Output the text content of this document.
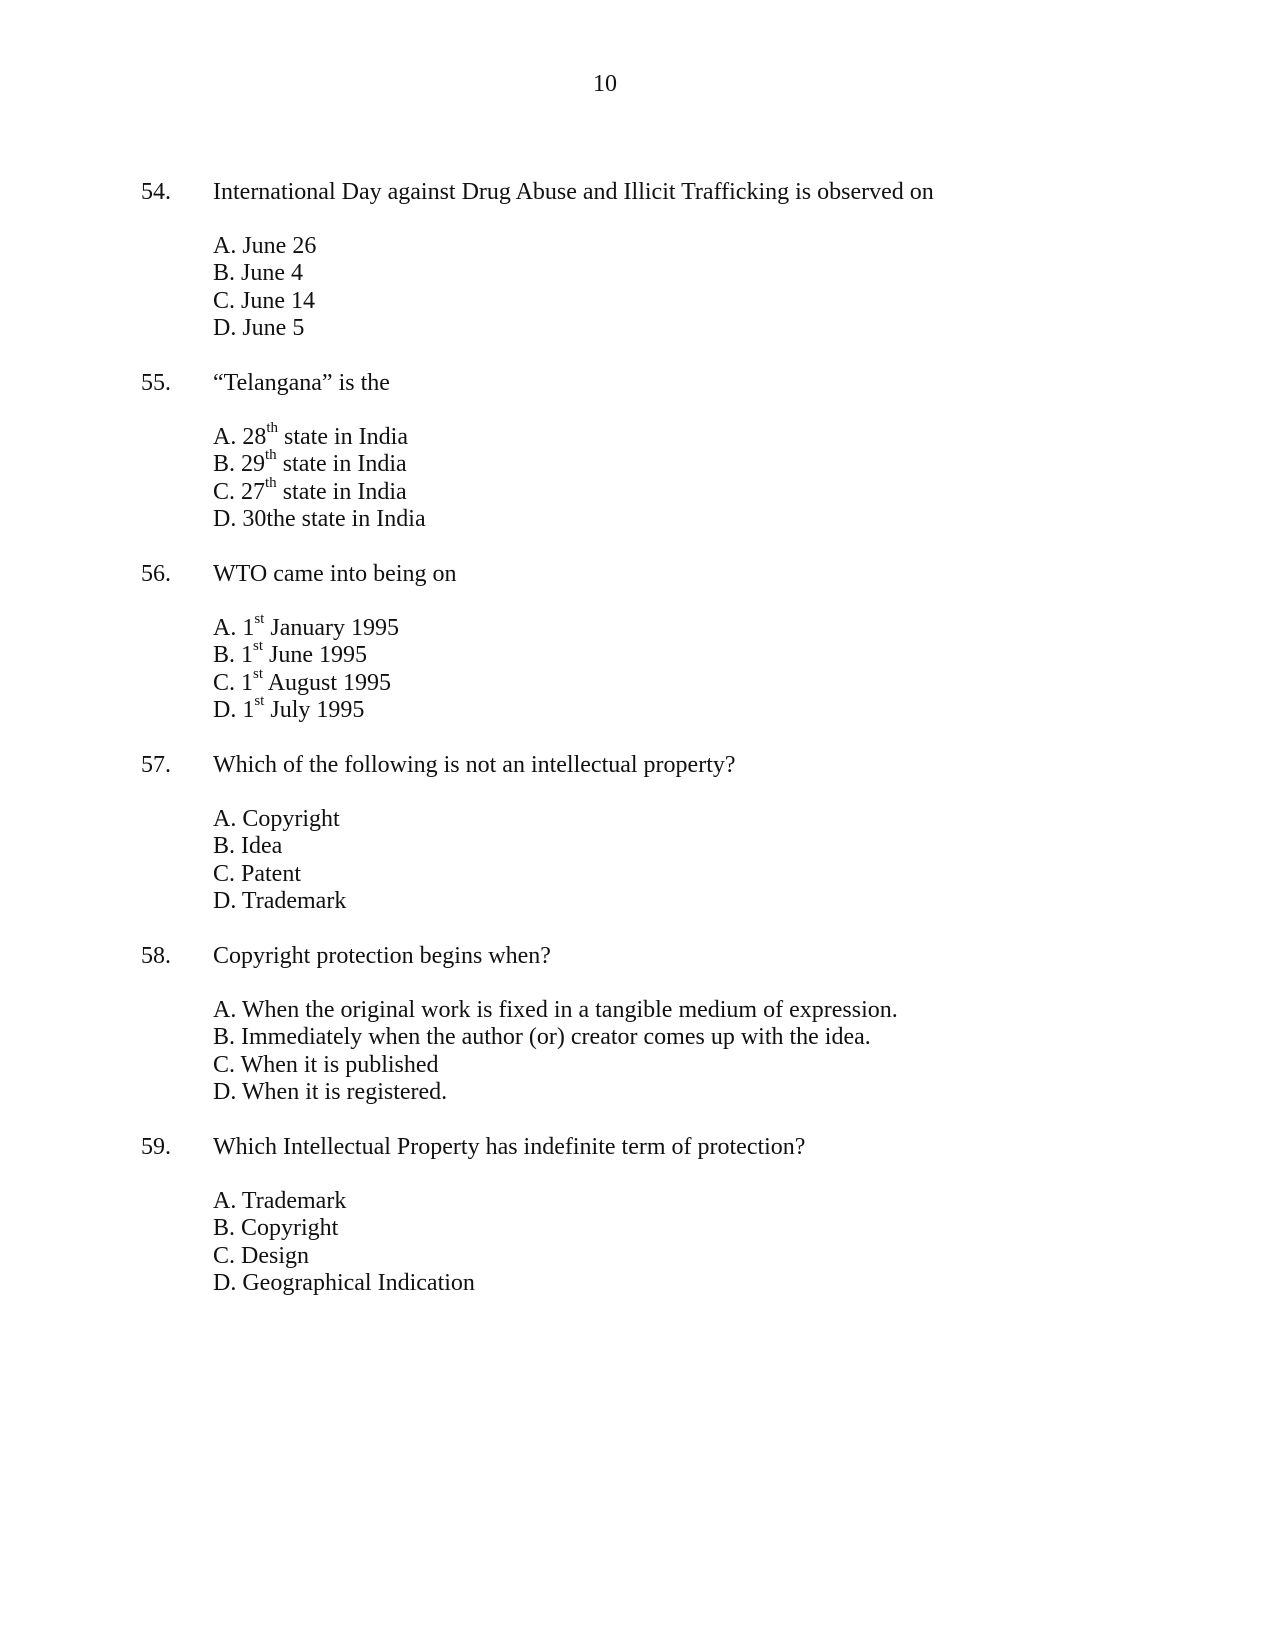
10
54. International Day against Drug Abuse and Illicit Trafficking is observed on
A. June 26
B. June 4
C. June 14
D. June 5
55. “Telangana” is the
A. 28th state in India
B. 29th state in India
C. 27th state in India
D. 30the state in India
56. WTO came into being on
A. 1st January 1995
B. 1st June 1995
C. 1st August 1995
D. 1st July 1995
57. Which of the following is not an intellectual property?
A. Copyright
B. Idea
C. Patent
D. Trademark
58. Copyright protection begins when?
A. When the original work is fixed in a tangible medium of expression.
B. Immediately when the author (or) creator comes up with the idea.
C. When it is published
D. When it is registered.
59. Which Intellectual Property has indefinite term of protection?
A. Trademark
B. Copyright
C. Design
D. Geographical Indication
